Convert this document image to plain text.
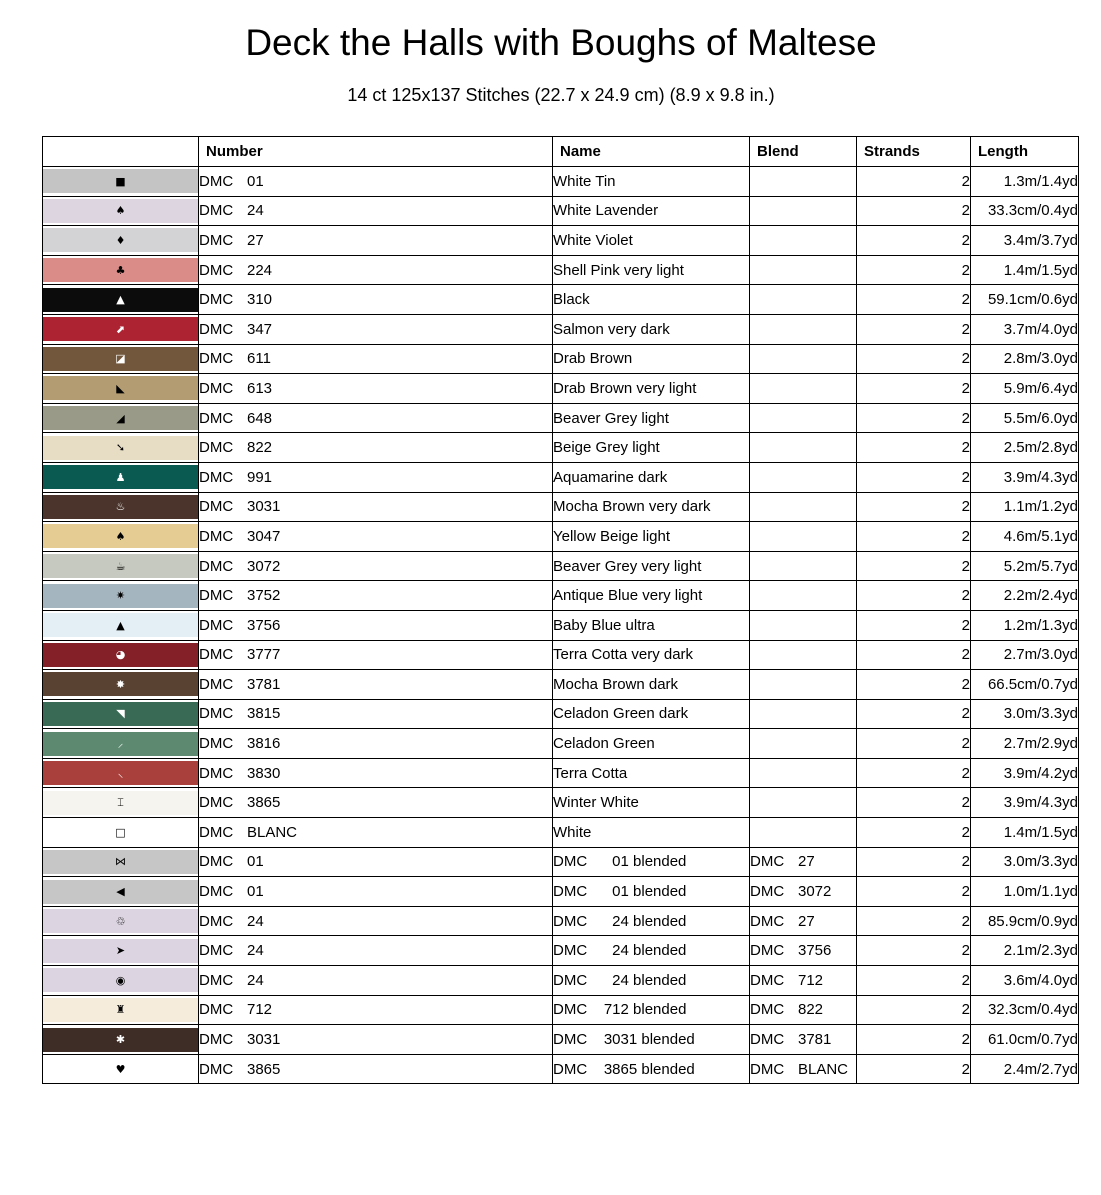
Deck the Halls with Boughs of Maltese
14 ct 125x137 Stitches (22.7 x 24.9 cm) (8.9 x 9.8 in.)
	Number	Name	Blend	Strands	Length

■	DMC 01	White Tin		2	1.3m/1.4yd

♠	DMC 24	White Lavender		2	33.3cm/0.4yd

♦	DMC 27	White Violet		2	3.4m/3.7yd

♣	DMC 224	Shell Pink very light		2	1.4m/1.5yd

▲	DMC 310	Black		2	59.1cm/0.6yd

⬈	DMC 347	Salmon very dark		2	3.7m/4.0yd

◪	DMC 611	Drab Brown		2	2.8m/3.0yd

◣	DMC 613	Drab Brown very light		2	5.9m/6.4yd

◢	DMC 648	Beaver Grey light		2	5.5m/6.0yd

➘	DMC 822	Beige Grey light		2	2.5m/2.8yd

♟	DMC 991	Aquamarine dark		2	3.9m/4.3yd

♨	DMC 3031	Mocha Brown very dark		2	1.1m/1.2yd

♠	DMC 3047	Yellow Beige light		2	4.6m/5.1yd

☕	DMC 3072	Beaver Grey very light		2	5.2m/5.7yd

✷	DMC 3752	Antique Blue very light		2	2.2m/2.4yd

▲	DMC 3756	Baby Blue ultra		2	1.2m/1.3yd

◕	DMC 3777	Terra Cotta very dark		2	2.7m/3.0yd

✸	DMC 3781	Mocha Brown dark		2	66.5cm/0.7yd

◥	DMC 3815	Celadon Green dark		2	3.0m/3.3yd

⸝	DMC 3816	Celadon Green		2	2.7m/2.9yd

⸜	DMC 3830	Terra Cotta		2	3.9m/4.2yd

⌶	DMC 3865	Winter White		2	3.9m/4.3yd

□	DMC BLANC	White		2	1.4m/1.5yd

⋈	DMC 01	DMC      01 blended	DMC 27	2	3.0m/3.3yd

◀	DMC 01	DMC      01 blended	DMC 3072	2	1.0m/1.1yd

♲	DMC 24	DMC      24 blended	DMC 27	2	85.9cm/0.9yd

➤	DMC 24	DMC      24 blended	DMC 3756	2	2.1m/2.3yd

◉	DMC 24	DMC      24 blended	DMC 712	2	3.6m/4.0yd

♜	DMC 712	DMC    712 blended	DMC 822	2	32.3cm/0.4yd

✱	DMC 3031	DMC    3031 blended	DMC 3781	2	61.0cm/0.7yd

♥	DMC 3865	DMC    3865 blended	DMC BLANC	2	2.4m/2.7yd
